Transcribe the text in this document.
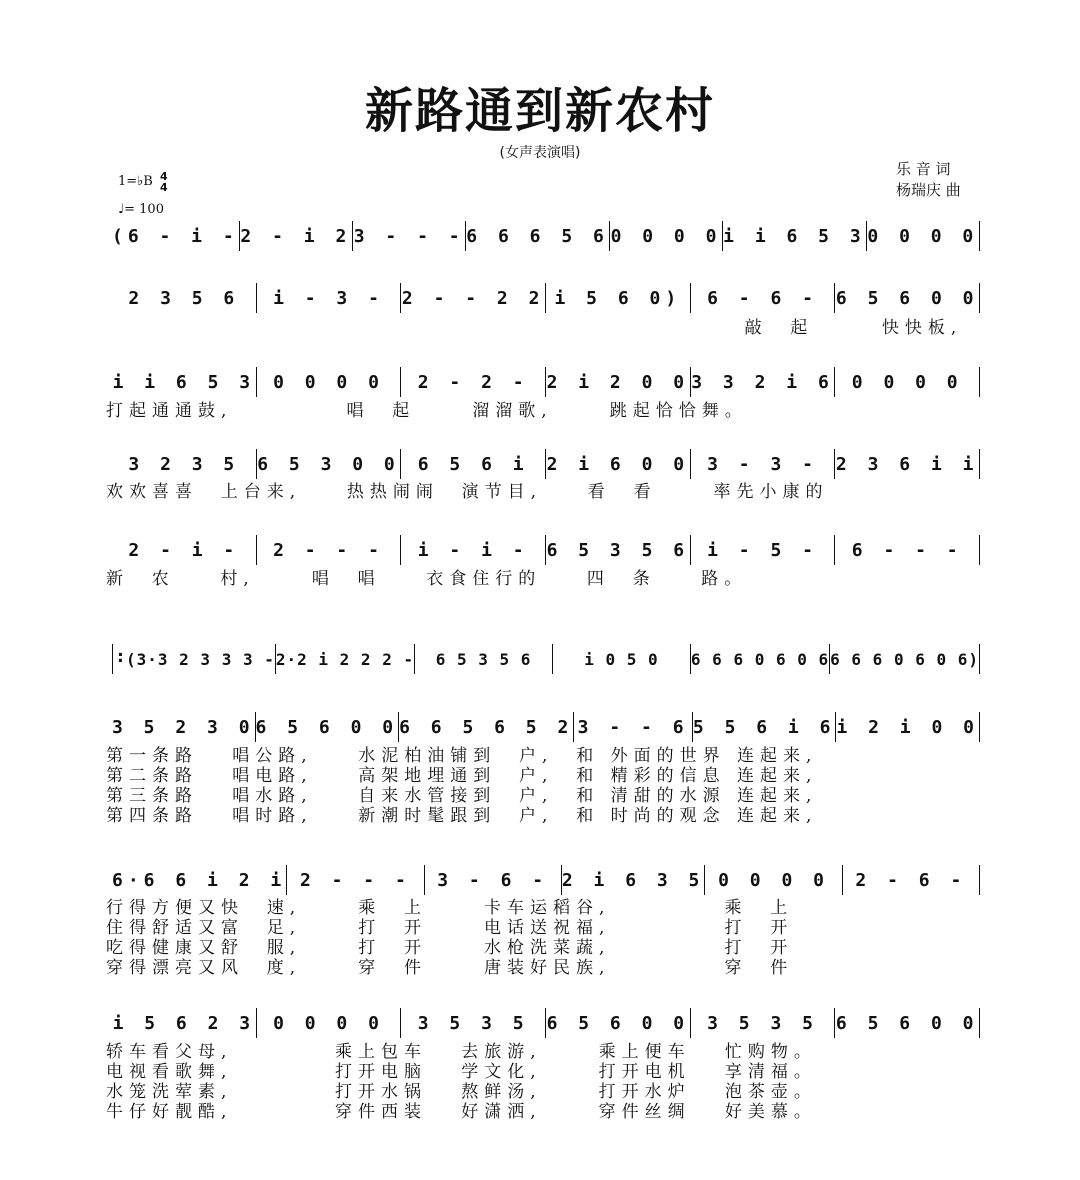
新路通到新农村
(女声表演唱)
乐 音 词
杨瑞庆 曲
1=♭B 4
4
♩= 100
(6 - i - 2 - i 2 3 - - - 6 6 6 5 6 0 0 0 0 i i 6 5 3 0 0 0 0
2 3 5 6	i - 3 - 2 - - 2 2 i 5 6 0)	6 - 6 - 6 5 6 0 0
敲  起      快快板,
i i 6 5 3 0 0 0 0	2 - 2 - 2 i 2 0 0 3 3 2 i 6 0 0 0 0
打起通通鼓,          唱  起     溜溜歌,     跳起恰恰舞。
3 2 3 5 6 5 3 0 0 6 5 6 i 2 i 6 0 0 3 - 3 - 2 3 6 i i
欢欢喜喜  上台来,    热热闹闹  演节目,    看  看     率先小康的
2 - i -	2 - - -	i - i - 6 5 3 5 6 i - 5 -	6 - - -
新  农    村,     唱  唱    衣食住行的    四  条    路。
:
(3·3 2 3 3 3 - 2·2 i 2 2 2 -	6 5 3 5 6	i 0 5 0	6 6 6 0 6 0 6 6 6 6 0 6 0 6)
3 5 2 3 0 6 5 6 0 0 6 6 5 6 5 2 3 - - 6 5 5 6 i 6 i 2 i 0 0
第一条路   唱公路,    水泥柏油铺到  户,  和 外面的世界 连起来,
第二条路   唱电路,    高架地埋通到  户,  和 精彩的信息 连起来,
第三条路   唱水路,    自来水管接到  户,  和 清甜的水源 连起来,
第四条路   唱时路,    新潮时髦跟到  户,  和 时尚的观念 连起来,
6·6 6 i 2 i 2 - - -	3 - 6 - 2 i 6 3 5 0 0 0 0	2 - 6 -
行得方便又快  速,     乘  上     卡车运稻谷,          乘  上
住得舒适又富  足,     打  开     电话送祝福,          打  开
吃得健康又舒  服,     打  开     水枪洗菜蔬,          打  开
穿得漂亮又风  度,     穿  件     唐装好民族,          穿  件
i 5 6 2 3 0 0 0 0	3 5 3 5 6 5 6 0 0 3 5 3 5 6 5 6 0 0
轿车看父母,         乘上包车   去旅游,     乘上便车   忙购物。
电视看歌舞,         打开电脑   学文化,     打开电机   享清福。
水笼洗荤素,         打开水锅   熬鲜汤,     打开水炉   泡茶壶。
牛仔好靓酷,         穿件西装   好潇洒,     穿件丝绸   好美慕。
